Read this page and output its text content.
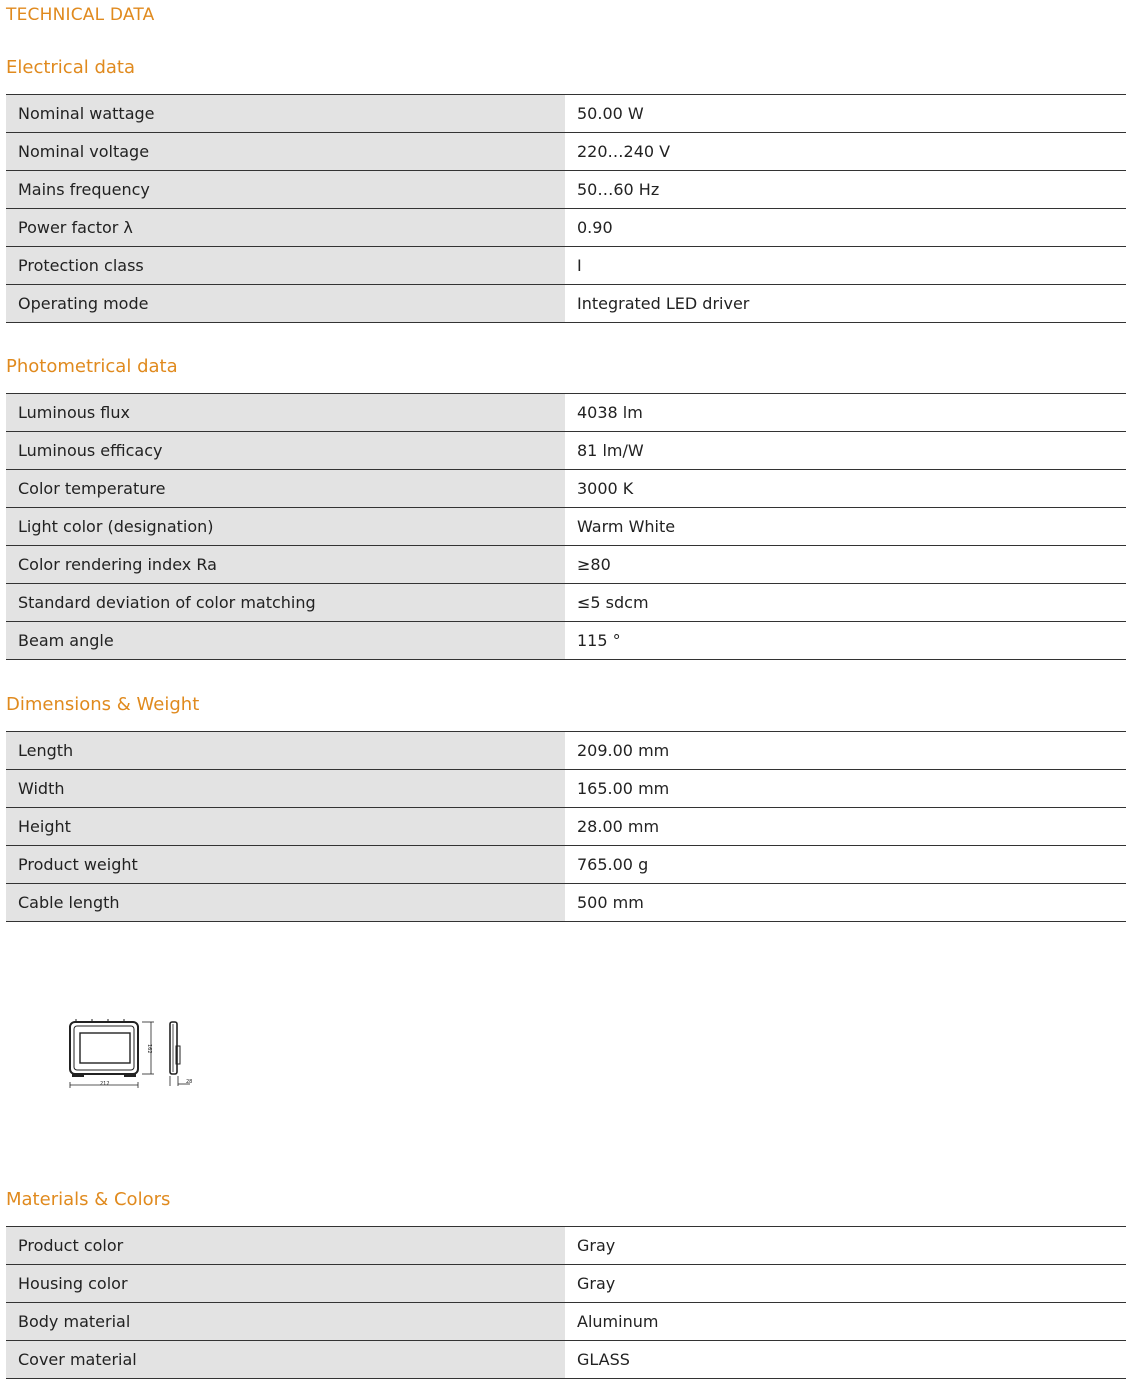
TECHNICAL DATA
Electrical data
Nominal wattage	50.00 W
Nominal voltage	220…240 V
Mains frequency	50…60 Hz
Power factor λ	0.90
Protection class	I
Operating mode	Integrated LED driver
Photometrical data
Luminous flux	4038 lm
Luminous efficacy	81 lm/W
Color temperature	3000 K
Light color (designation)	Warm White
Color rendering index Ra	≥80
Standard deviation of color matching	≤5 sdcm
Beam angle	115 °
Dimensions & Weight
Length	209.00 mm
Width	165.00 mm
Height	28.00 mm
Product weight	765.00 g
Cable length	500 mm
212
162
28
Materials & Colors
Product color	Gray
Housing color	Gray
Body material	Aluminum
Cover material	GLASS
